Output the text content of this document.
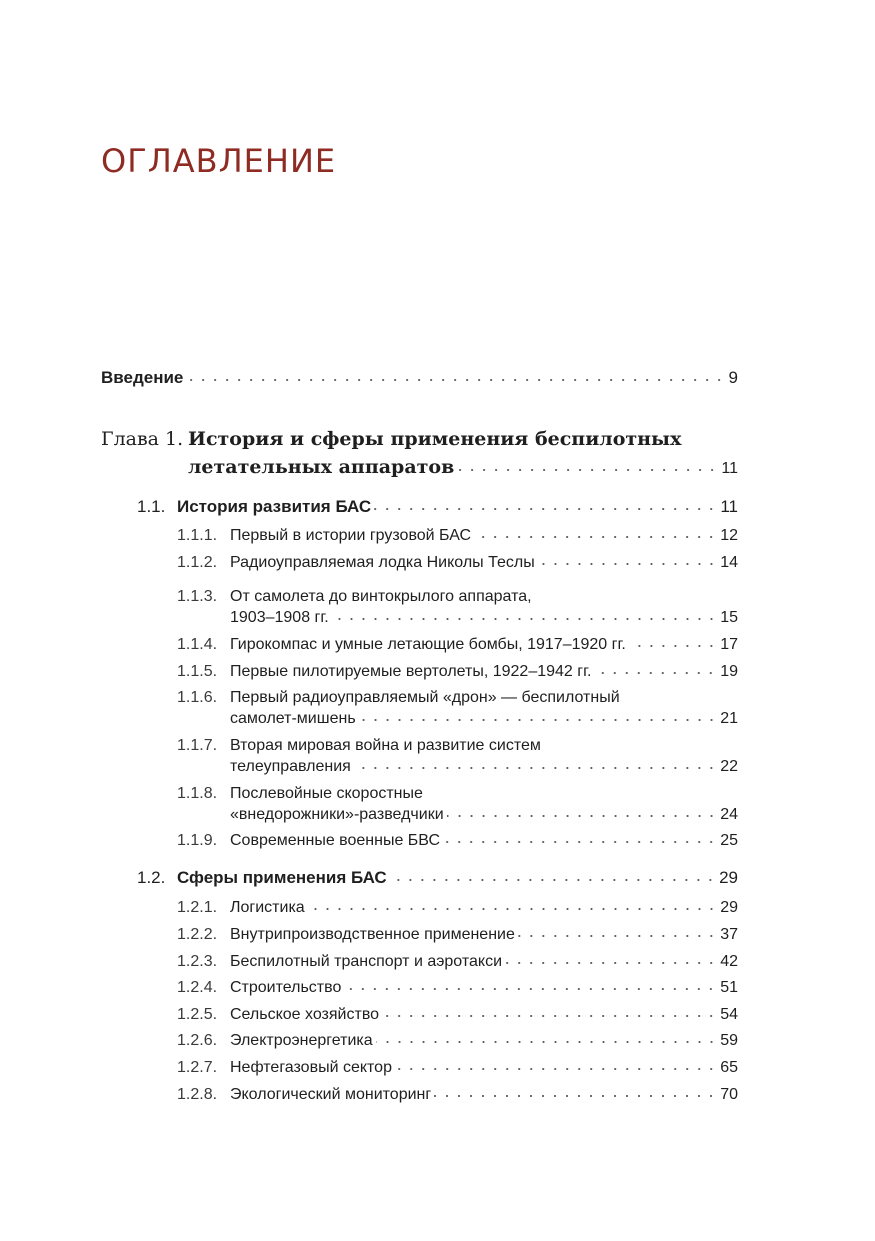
ОГЛАВЛЕНИЕ
Введение	9
Глава 1. История и сферы применения беспилотных
летательных аппаратов	11
1.1. История развития БАС	11
1.1.1. Первый в истории грузовой БАС	12
1.1.2. Радиоуправляемая лодка Николы Теслы	14
1.1.3. От самолета до винтокрылого аппарата,
1903–1908 гг.	15
1.1.4. Гирокомпас и умные летающие бомбы, 1917–1920 гг.	17
1.1.5. Первые пилотируемые вертолеты, 1922–1942 гг.	19
1.1.6. Первый радиоуправляемый «дрон» — беспилотный
самолет-мишень	21
1.1.7. Вторая мировая война и развитие систем
телеуправления	22
1.1.8. Послевойные скоростные
«внедорожники»-разведчики	24
1.1.9. Современные военные БВС	25
1.2. Сферы применения БАС	29
1.2.1. Логистика	29
1.2.2. Внутрипроизводственное применение	37
1.2.3. Беспилотный транспорт и аэротакси	42
1.2.4. Строительство	51
1.2.5. Сельское хозяйство	54
1.2.6. Электроэнергетика	59
1.2.7. Нефтегазовый сектор	65
1.2.8. Экологический мониторинг	70
